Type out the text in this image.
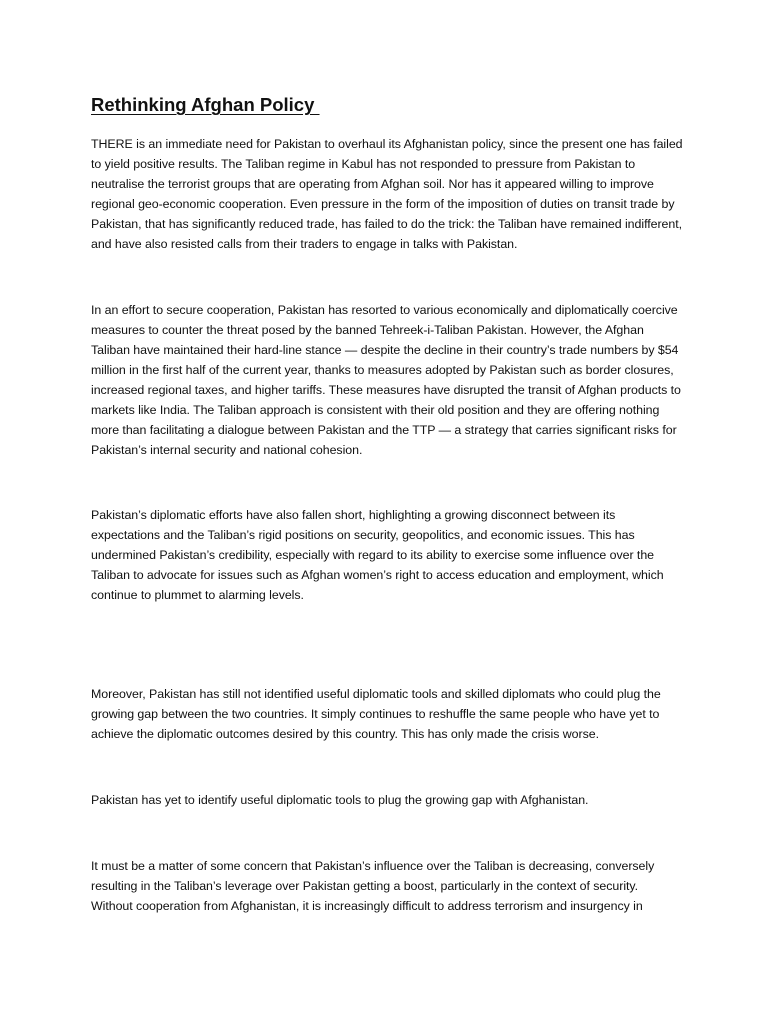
Rethinking Afghan Policy

THERE is an immediate need for Pakistan to overhaul its Afghanistan policy, since the present one has failed to yield positive results. The Taliban regime in Kabul has not responded to pressure from Pakistan to neutralise the terrorist groups that are operating from Afghan soil. Nor has it appeared willing to improve regional geo-economic cooperation. Even pressure in the form of the imposition of duties on transit trade by Pakistan, that has significantly reduced trade, has failed to do the trick: the Taliban have remained indifferent, and have also resisted calls from their traders to engage in talks with Pakistan.

In an effort to secure cooperation, Pakistan has resorted to various economically and diplomatically coercive measures to counter the threat posed by the banned Tehreek-i-Taliban Pakistan. However, the Afghan Taliban have maintained their hard-line stance — despite the decline in their country’s trade numbers by $54 million in the first half of the current year, thanks to measures adopted by Pakistan such as border closures, increased regional taxes, and higher tariffs. These measures have disrupted the transit of Afghan products to markets like India. The Taliban approach is consistent with their old position and they are offering nothing more than facilitating a dialogue between Pakistan and the TTP — a strategy that carries significant risks for Pakistan’s internal security and national cohesion.

Pakistan’s diplomatic efforts have also fallen short, highlighting a growing disconnect between its expectations and the Taliban’s rigid positions on security, geopolitics, and economic issues. This has undermined Pakistan’s credibility, especially with regard to its ability to exercise some influence over the Taliban to advocate for issues such as Afghan women’s right to access education and employment, which continue to plummet to alarming levels.

Moreover, Pakistan has still not identified useful diplomatic tools and skilled diplomats who could plug the growing gap between the two countries. It simply continues to reshuffle the same people who have yet to achieve the diplomatic outcomes desired by this country. This has only made the crisis worse.

Pakistan has yet to identify useful diplomatic tools to plug the growing gap with Afghanistan.

It must be a matter of some concern that Pakistan’s influence over the Taliban is decreasing, conversely resulting in the Taliban’s leverage over Pakistan getting a boost, particularly in the context of security. Without cooperation from Afghanistan, it is increasingly difficult to address terrorism and insurgency in
